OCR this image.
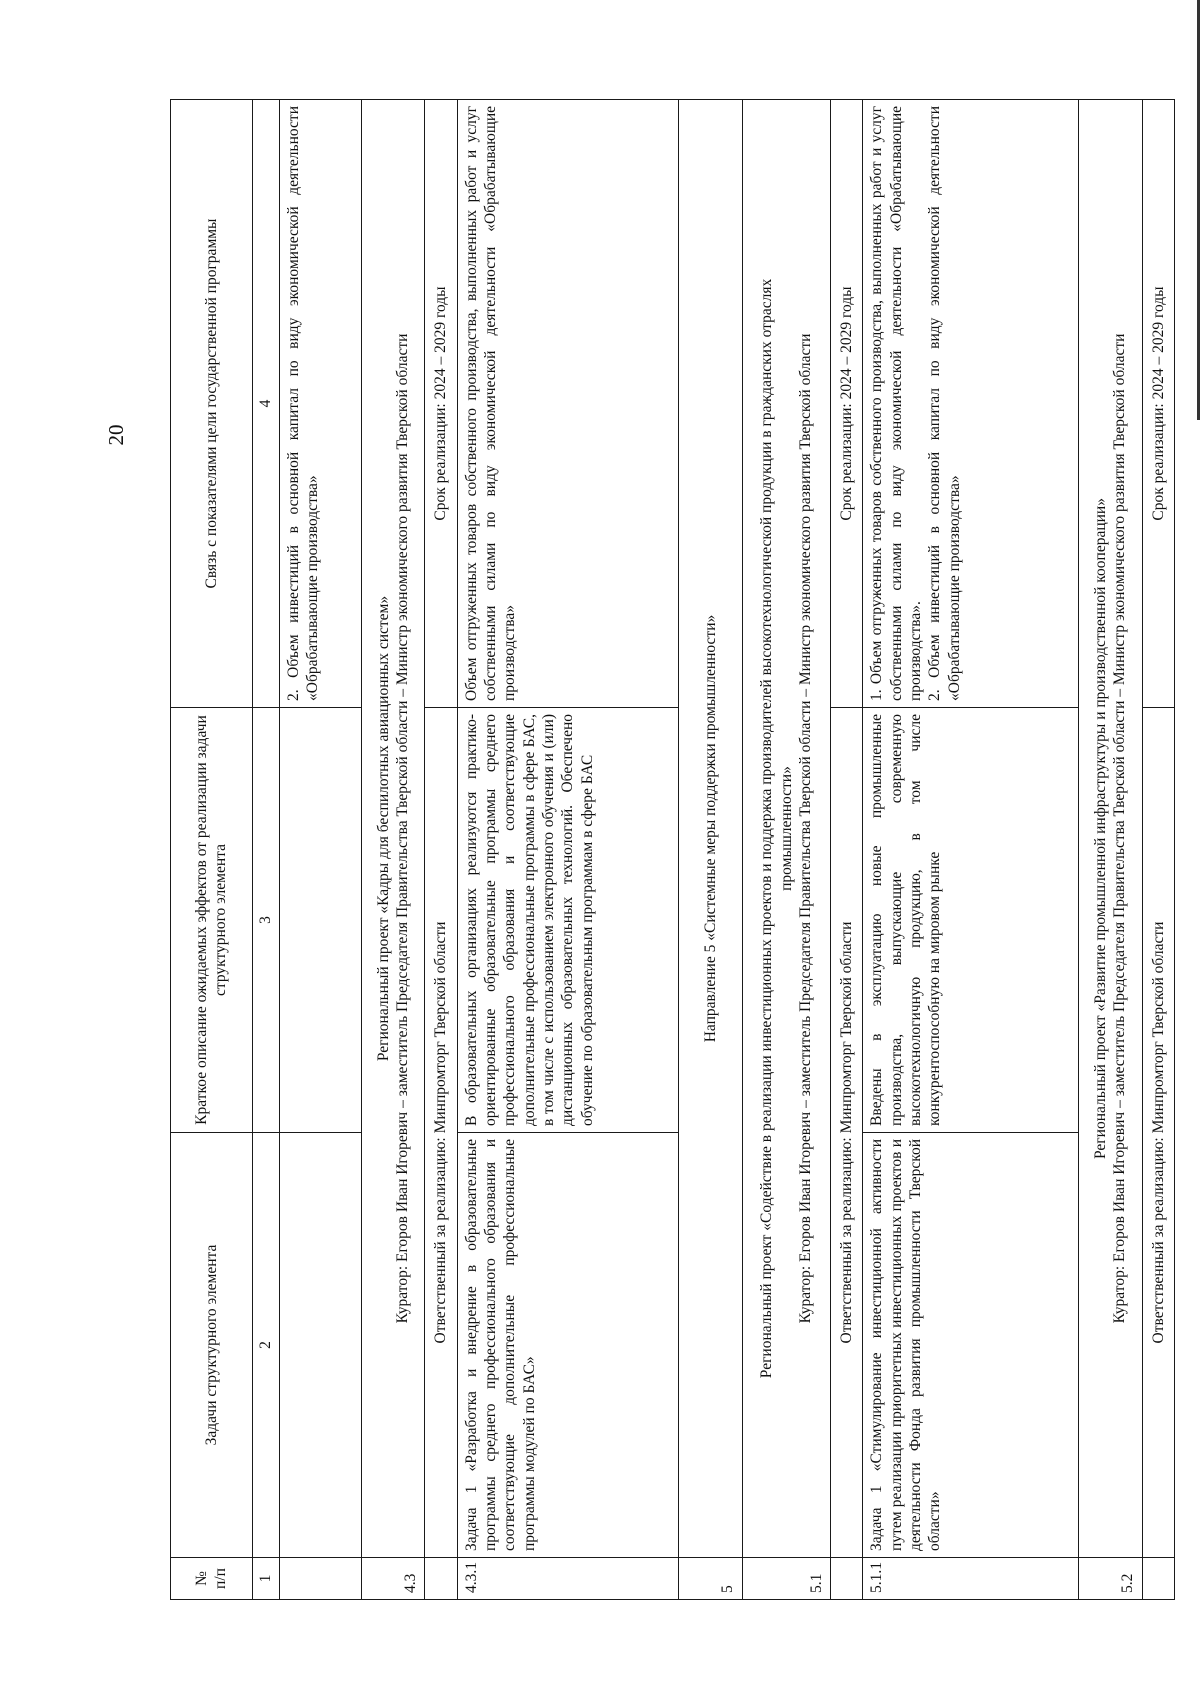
20
№ п/п	Задачи структурного элемента	Краткое описание ожидаемых эффектов от реализации задачи структурного элемента	Связь с показателями цели государственной программы
1	2	3	4
			2. Объем инвестиций в основной капитал по виду экономической деятельности «Обрабатывающие производства»
4.3	Региональный проект «Кадры для беспилотных авиационных систем» Куратор: Егоров Иван Игоревич – заместитель Председателя Правительства Тверской области – Министр экономического развития Тверской области		

	Ответственный за реализацию: Минпромторг Тверской области		Срок реализации: 2024 – 2029 годы
4.3.1	Задача 1 «Разработка и внедрение в образовательные программы среднего профессионального образования и соответствующие дополнительные профессиональные программы модулей по БАС»	В образовательных организациях реализуются практико-ориентированные образовательные программы среднего профессионального образования и соответствующие дополнительные профессиональные программы в сфере БАС, в том числе с использованием электронного обучения и (или) дистанционных образовательных технологий. Обеспечено обучение по образовательным программам в сфере БАС	Объем отгруженных товаров собственного производства, выполненных работ и услуг собственными силами по виду экономической деятельности «Обрабатывающие производства»
5	Направление 5 «Системные меры поддержки промышленности»		
5.1	Региональный проект «Содействие в реализации инвестиционных проектов и поддержка производителей высокотехнологической продукции в гражданских отраслях промышленности» Куратор: Егоров Иван Игоревич – заместитель Председателя Правительства Тверской области – Министр экономического развития Тверской области		

	Ответственный за реализацию: Минпромторг Тверской области		Срок реализации: 2024 – 2029 годы
5.1.1	Задача 1 «Стимулирование инвестиционной активности путем реализации приоритетных инвестиционных проектов и деятельности Фонда развития промышленности Тверской области»	Введены в эксплуатацию новые промышленные производства, выпускающие современную высокотехнологичную продукцию, в том числе конкурентоспособную на мировом рынке	1. Объем отгруженных товаров собственного производства, выполненных работ и услуг собственными силами по виду экономической деятельности «Обрабатывающие производства». 2. Объем инвестиций в основной капитал по виду экономической деятельности «Обрабатывающие производства»

5.2	Региональный проект «Развитие промышленной инфраструктуры и производственной кооперации» Куратор: Егоров Иван Игоревич – заместитель Председателя Правительства Тверской области – Министр экономического развития Тверской области		

	Ответственный за реализацию: Минпромторг Тверской области		Срок реализации: 2024 – 2029 годы
